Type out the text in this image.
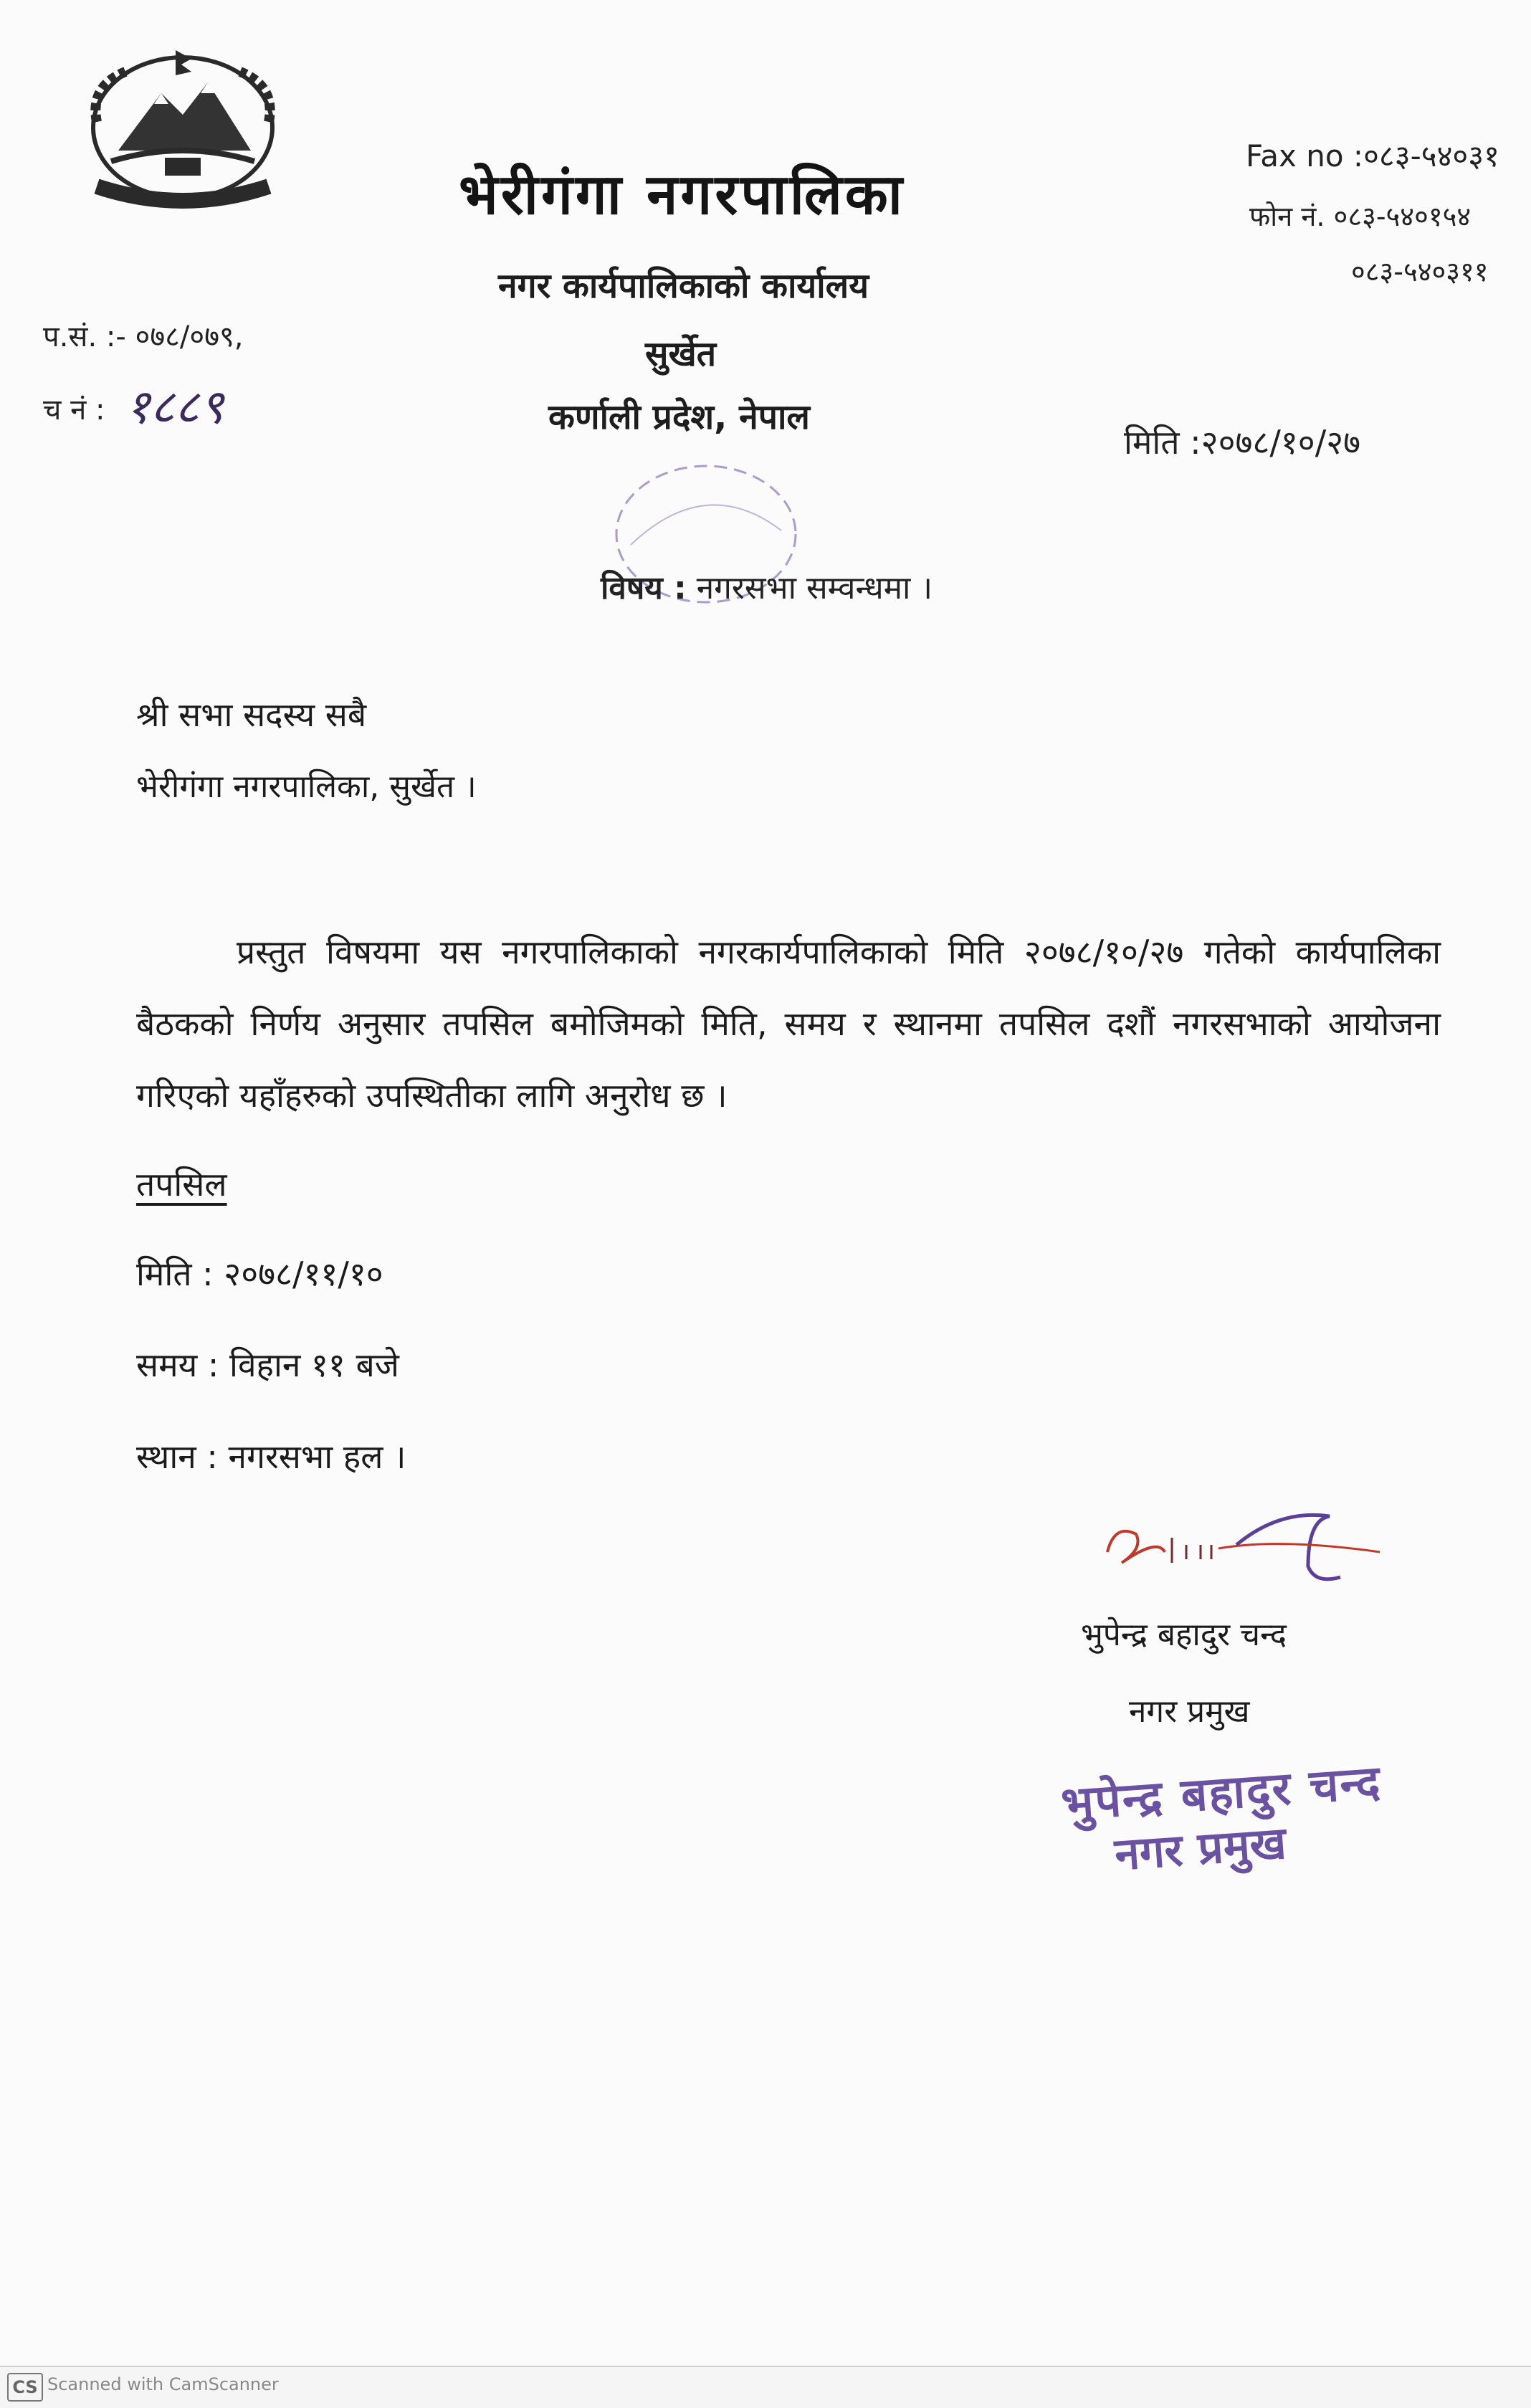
भेरीगंगा नगरपालिका
नगर कार्यपालिकाको कार्यालय
सुर्खेत
कर्णाली प्रदेश, नेपाल
Fax no :०८३-५४०३१
फोन नं. ०८३-५४०१५४
०८३-५४०३११
प.सं. :- ०७८/०७९,
च नं : १८८९
मिति :२०७८/१०/२७
विषय : नगरसभा सम्वन्धमा ।
श्री सभा सदस्य सबै
भेरीगंगा नगरपालिका, सुर्खेत ।

प्रस्तुत विषयमा यस नगरपालिकाको नगरकार्यपालिकाको मिति २०७८/१०/२७ गतेको कार्यपालिका बैठकको निर्णय अनुसार तपसिल बमोजिमको मिति, समय र स्थानमा तपसिल दशौं नगरसभाको आयोजना गरिएको यहाँहरुको उपस्थितीका लागि अनुरोध छ ।

तपसिल
मिति : २०७८/११/१०
समय : विहान ११ बजे
स्थान : नगरसभा हल ।
भुपेन्द्र बहादुर चन्द
नगर प्रमुख
भुपेन्द्र बहादुर चन्द
नगर प्रमुख
CS Scanned with CamScanner
